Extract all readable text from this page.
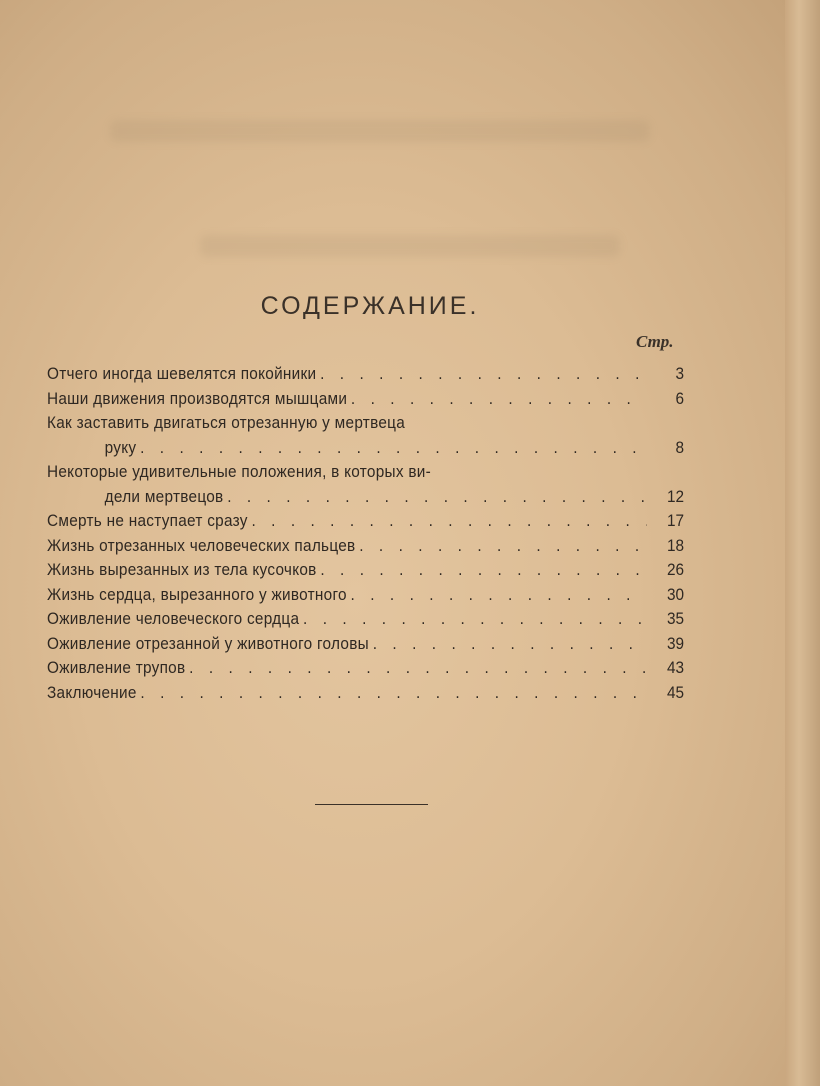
СОДЕРЖАНИЕ.
Стр.
Отчего иногда шевелятся покойники . . .	3
Наши движения производятся мышцами . . .	6
Как заставить двигаться отрезанную у мертвеца
руку . . .	8
Некоторые удивительные положения, в которых ви-
дели мертвецов . . .	12
Смерть не наступает сразу . . .	17
Жизнь отрезанных человеческих пальцев . . .	18
Жизнь вырезанных из тела кусочков . . .	26
Жизнь сердца, вырезанного у животного . . .	30
Оживление человеческого сердца . . .	35
Оживление отрезанной у животного головы . . .	39
Оживление трупов . . .	43
Заключение . . .	45
